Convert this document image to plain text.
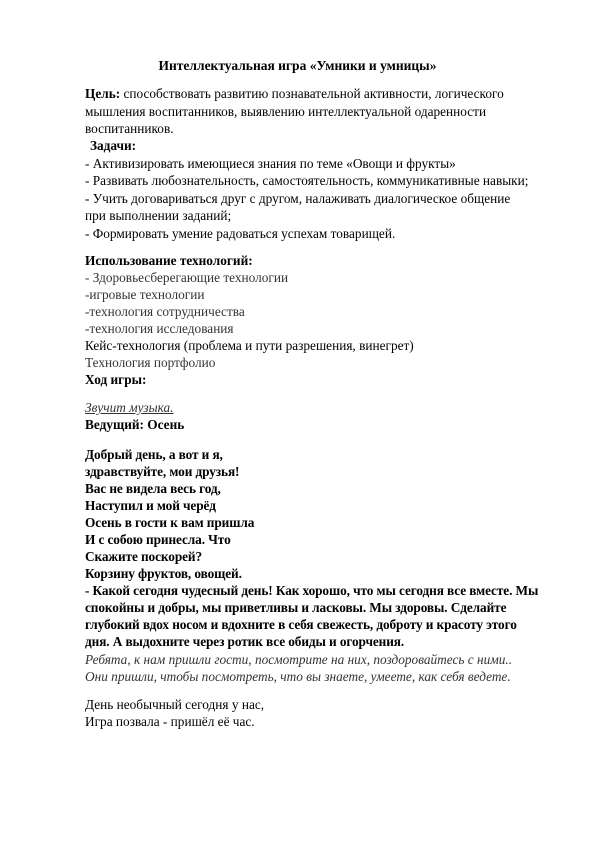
Интеллектуальная игра «Умники и умницы»
Цель: способствовать развитию познавательной активности, логического
мышления воспитанников, выявлению интеллектуальной одаренности
воспитанников.
Задачи:
- Активизировать имеющиеся знания по теме «Овощи и фрукты»
- Развивать любознательность, самостоятельность, коммуникативные навыки;
- Учить договариваться друг с другом, налаживать диалогическое общение
при выполнении заданий;
- Формировать умение радоваться успехам товарищей.
Использование технологий:
- Здоровьесберегающие технологии
-игровые технологии
-технология сотрудничества
-технология исследования
Кейс-технология (проблема и пути разрешения, винегрет)
Технология портфолио
Ход игры:
Звучит музыка.
Ведущий: Осень
Добрый день, а вот и я,
здравствуйте, мои друзья!
Вас не видела весь год,
Наступил и мой черёд
Осень в гости к вам пришла
И с собою принесла. Что
Скажите поскорей?
Корзину фруктов, овощей.
- Какой сегодня чудесный день! Как хорошо, что мы сегодня все вместе. Мы
спокойны и добры, мы приветливы и ласковы. Мы здоровы. Сделайте
глубокий вдох носом и вдохните в себя свежесть, доброту и красоту этого
дня. А выдохните через ротик все обиды и огорчения.
Ребята, к нам пришли гости, посмотрите на них, поздоровайтесь с ними..
Они пришли, чтобы посмотреть, что вы знаете, умеете, как себя ведете.
День необычный сегодня у нас,
Игра позвала - пришёл её час.
